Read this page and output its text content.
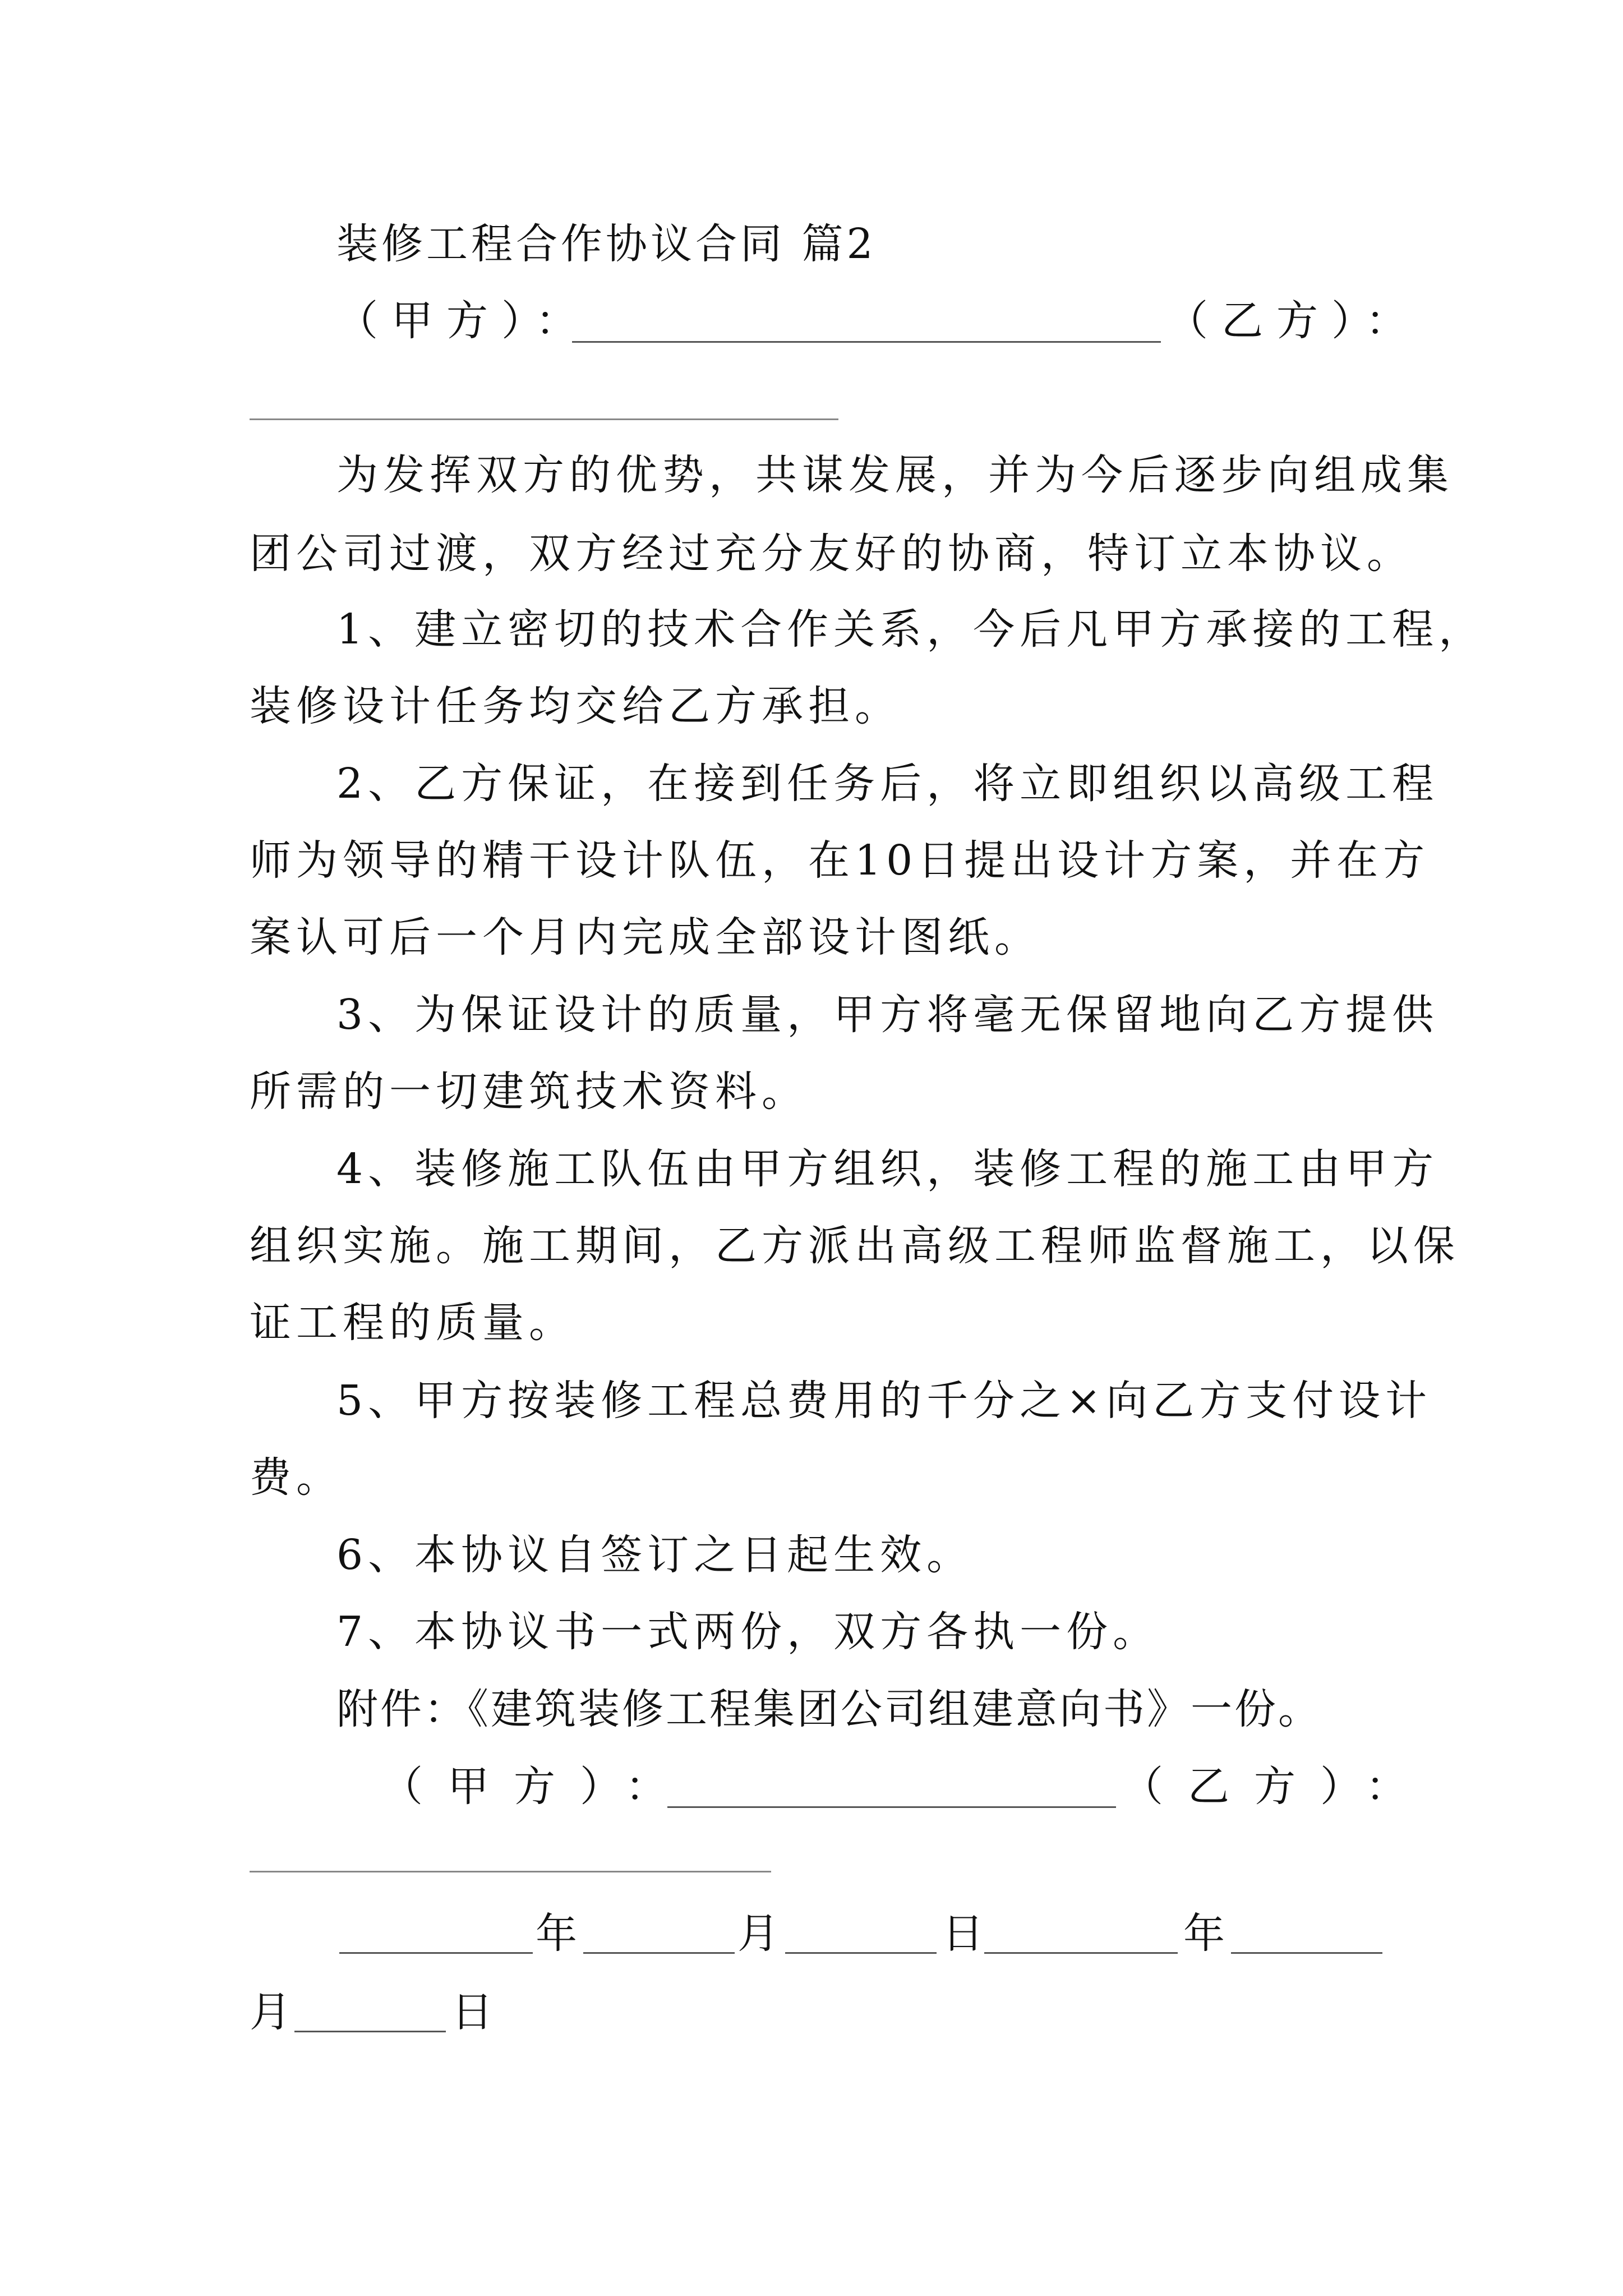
装修工程合作协议合同 篇2
（甲方）：	（乙方）：
为发挥双方的优势，共谋发展，并为今后逐步向组成集
团公司过渡，双方经过充分友好的协商，特订立本协议。
1、建立密切的技术合作关系，今后凡甲方承接的工程，
装修设计任务均交给乙方承担。
2、乙方保证，在接到任务后，将立即组织以高级工程
师为领导的精干设计队伍，在10日提出设计方案，并在方
案认可后一个月内完成全部设计图纸。
3、为保证设计的质量，甲方将毫无保留地向乙方提供
所需的一切建筑技术资料。
4、装修施工队伍由甲方组织，装修工程的施工由甲方
组织实施。施工期间，乙方派出高级工程师监督施工，以保
证工程的质量。
5、甲方按装修工程总费用的千分之×向乙方支付设计
费。
6、本协议自签订之日起生效。
7、本协议书一式两份，双方各执一份。
附件：《建筑装修工程集团公司组建意向书》一份。
（甲方）：	（乙方）：
年	月	日	年
月	日
